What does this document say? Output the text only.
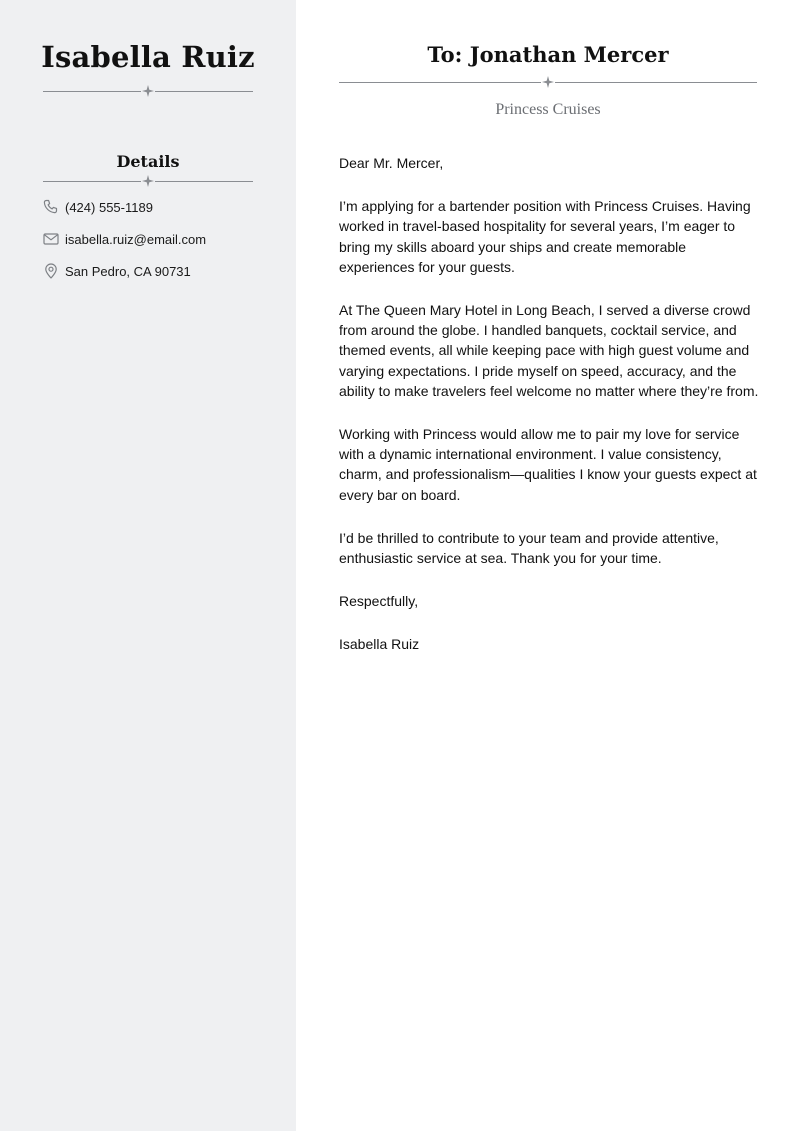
Isabella Ruiz
Details
(424) 555-1189
isabella.ruiz@email.com
San Pedro, CA 90731
To: Jonathan Mercer
Princess Cruises

Dear Mr. Mercer,

I’m applying for a bartender position with Princess Cruises. Having worked in travel-based hospitality for several years, I’m eager to bring my skills aboard your ships and create memorable experiences for your guests.

At The Queen Mary Hotel in Long Beach, I served a diverse crowd from around the globe. I handled banquets, cocktail service, and themed events, all while keeping pace with high guest volume and varying expectations. I pride myself on speed, accuracy, and the ability to make travelers feel welcome no matter where they’re from.

Working with Princess would allow me to pair my love for service with a dynamic international environment. I value consistency, charm, and professionalism—qualities I know your guests expect at every bar on board.

I’d be thrilled to contribute to your team and provide attentive, enthusiastic service at sea. Thank you for your time.

Respectfully,

Isabella Ruiz
